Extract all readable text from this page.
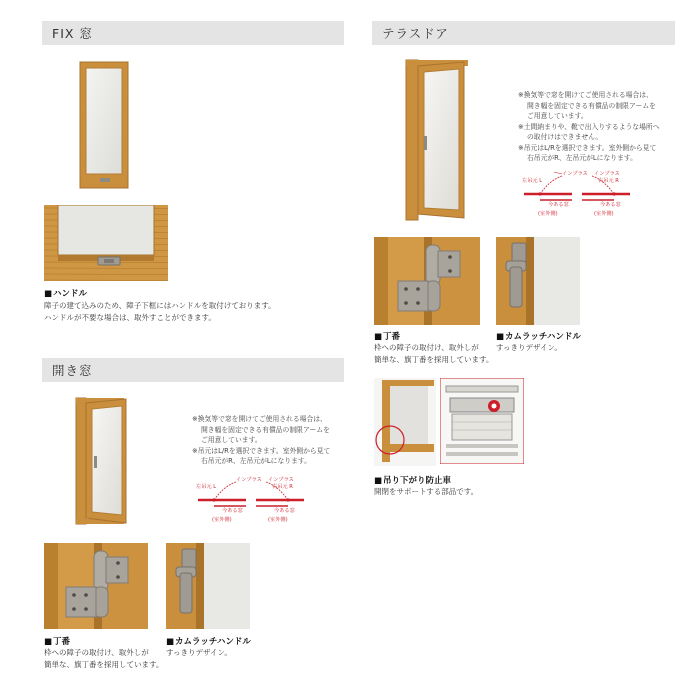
FIX 窓	テラスドア
開き窓
■ ハンドル
障子の建て込みのため、障子下框にはハンドルを取付けております。
ハンドルが不要な場合は、取外すことができます。
※換気等で窓を開けてご使用される場合は、
開き幅を固定できる有償品の制限アームを
ご用意しています。
※土間納まりや、靴で出入りするような場所へ
の取付けはできません。
※吊元はL/Rを選択できます。室外側から見て
右吊元がR、左吊元がLになります。
左吊元 L
インプラス
今ある窓
(室外側)
インプラス
右吊元 R
今ある窓
(室外側)
■ 丁番
枠への障子の取付け、取外しが
簡単な、旗丁番を採用しています。
■ カムラッチハンドル
すっきりデザイン。
■ 吊り下がり防止車
開閉をサポートする部品です。
※換気等で窓を開けてご使用される場合は、
開き幅を固定できる有償品の制限アームを
ご用意しています。
※吊元はL/Rを選択できます。室外側から見て
右吊元がR、左吊元がLになります。
左吊元 L
インプラス
今ある窓
(室外側)
インプラス
右吊元 R
今ある窓
(室外側)
■ 丁番
枠への障子の取付け、取外しが
簡単な、旗丁番を採用しています。
■ カムラッチハンドル
すっきりデザイン。
